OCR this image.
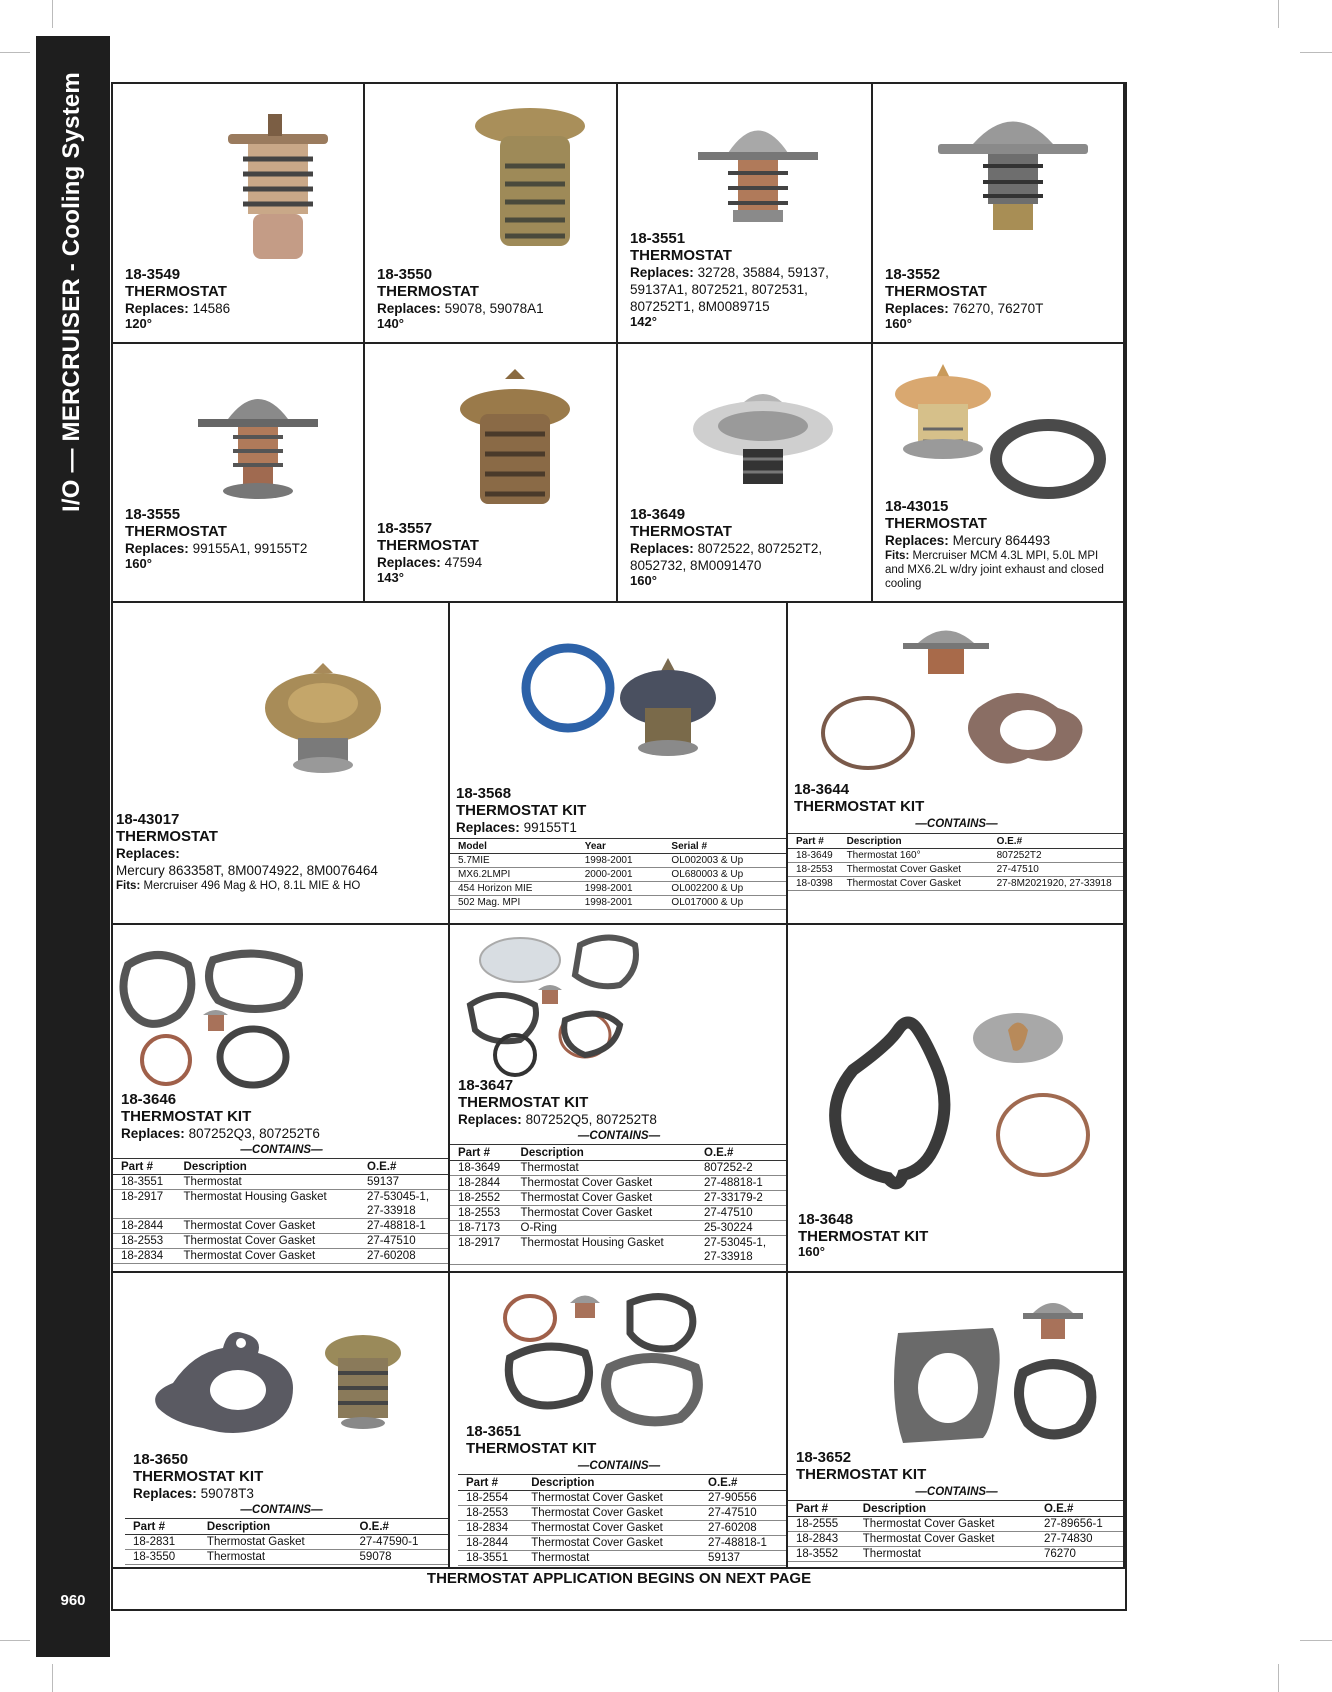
I/O — MERCRUISER - Cooling System
960
18-3549
THERMOSTAT
Replaces: 14586
120°
18-3550
THERMOSTAT
Replaces: 59078, 59078A1
140°
18-3551
THERMOSTAT
Replaces: 32728, 35884, 59137, 59137A1, 8072521, 8072531, 807252T1, 8M0089715
142°
18-3552
THERMOSTAT
Replaces: 76270, 76270T
160°
18-3555
THERMOSTAT
Replaces: 99155A1, 99155T2
160°
18-3557
THERMOSTAT
Replaces: 47594
143°
18-3649
THERMOSTAT
Replaces: 8072522, 807252T2, 8052732, 8M0091470
160°
18-43015
THERMOSTAT
Replaces: Mercury 864493
Fits: Mercruiser MCM 4.3L MPI, 5.0L MPI and MX6.2L w/dry joint exhaust and closed cooling
18-43017
THERMOSTAT
Replaces:
Mercury 863358T, 8M0074922, 8M0076464
Fits: Mercruiser 496 Mag & HO, 8.1L MIE & HO
18-3568
THERMOSTAT KIT
Replaces: 99155T1
Model	Year	Serial #
5.7MIE	1998-2001	OL002003 & Up
MX6.2LMPI	2000-2001	OL680003 & Up
454 Horizon MIE	1998-2001	OL002200 & Up
502 Mag. MPI	1998-2001	OL017000 & Up
18-3644
THERMOSTAT KIT
—CONTAINS—
Part #	Description	O.E.#
18-3649	Thermostat 160°	807252T2
18-2553	Thermostat Cover Gasket	27-47510
18-0398	Thermostat Cover Gasket	27-8M2021920, 27-33918
18-3646
THERMOSTAT KIT
Replaces: 807252Q3, 807252T6
—CONTAINS—
Part #	Description	O.E.#
18-3551	Thermostat	59137
18-2917	Thermostat Housing Gasket	27-53045-1, 27-33918
18-2844	Thermostat Cover Gasket	27-48818-1
18-2553	Thermostat Cover Gasket	27-47510
18-2834	Thermostat Cover Gasket	27-60208
18-3647
THERMOSTAT KIT
Replaces: 807252Q5, 807252T8
—CONTAINS—
Part #	Description	O.E.#
18-3649	Thermostat	807252-2
18-2844	Thermostat Cover Gasket	27-48818-1
18-2552	Thermostat Cover Gasket	27-33179-2
18-2553	Thermostat Cover Gasket	27-47510
18-7173	O-Ring	25-30224
18-2917	Thermostat Housing Gasket	27-53045-1, 27-33918
18-3648
THERMOSTAT KIT
160°
18-3650
THERMOSTAT KIT
Replaces: 59078T3
—CONTAINS—
Part #	Description	O.E.#
18-2831	Thermostat Gasket	27-47590-1
18-3550	Thermostat	59078
18-3651
THERMOSTAT KIT
—CONTAINS—
Part #	Description	O.E.#
18-2554	Thermostat Cover Gasket	27-90556
18-2553	Thermostat Cover Gasket	27-47510
18-2834	Thermostat Cover Gasket	27-60208
18-2844	Thermostat Cover Gasket	27-48818-1
18-3551	Thermostat	59137
18-3652
THERMOSTAT KIT
—CONTAINS—
Part #	Description	O.E.#
18-2555	Thermostat Cover Gasket	27-89656-1
18-2843	Thermostat Cover Gasket	27-74830
18-3552	Thermostat	76270
THERMOSTAT APPLICATION BEGINS ON NEXT PAGE
